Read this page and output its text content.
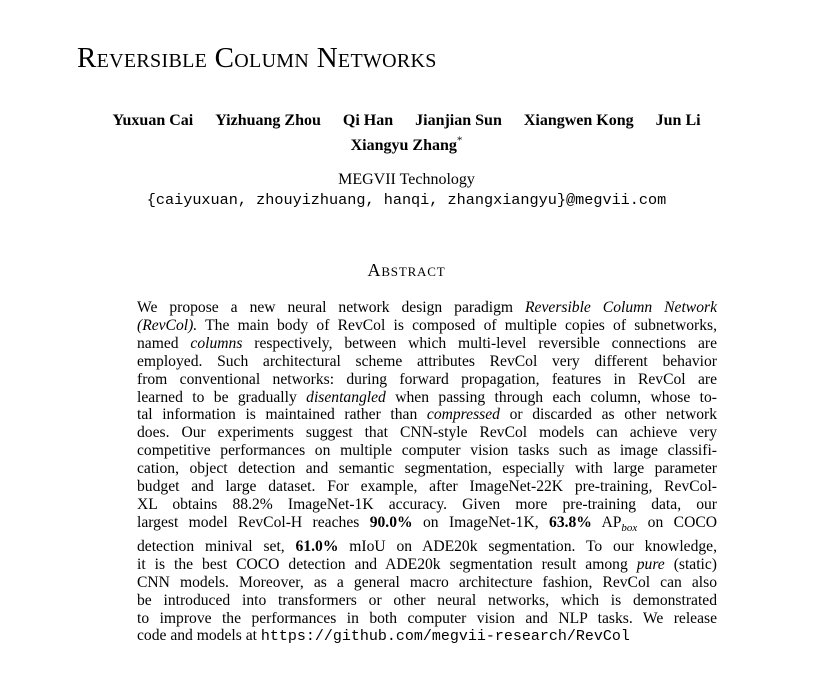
Reversible Column Networks
Yuxuan Cai Yizhuang Zhou Qi Han Jianjian Sun Xiangwen Kong Jun Li
Xiangyu Zhang*
MEGVII Technology
{caiyuxuan, zhouyizhuang, hanqi, zhangxiangyu}@megvii.com
Abstract
We propose a new neural network design paradigm Reversible Column Network
(RevCol). The main body of RevCol is composed of multiple copies of subnetworks,
named columns respectively, between which multi-level reversible connections are
employed. Such architectural scheme attributes RevCol very different behavior
from conventional networks: during forward propagation, features in RevCol are
learned to be gradually disentangled when passing through each column, whose to-
tal information is maintained rather than compressed or discarded as other network
does. Our experiments suggest that CNN-style RevCol models can achieve very
competitive performances on multiple computer vision tasks such as image classifi-
cation, object detection and semantic segmentation, especially with large parameter
budget and large dataset. For example, after ImageNet-22K pre-training, RevCol-
XL obtains 88.2% ImageNet-1K accuracy. Given more pre-training data, our
largest model RevCol-H reaches 90.0% on ImageNet-1K, 63.8% $AP_{box}$ on COCO
detection minival set, 61.0% mIoU on ADE20k segmentation. To our knowledge,
it is the best COCO detection and ADE20k segmentation result among pure (static)
CNN models. Moreover, as a general macro architecture fashion, RevCol can also
be introduced into transformers or other neural networks, which is demonstrated
to improve the performances in both computer vision and NLP tasks. We release
code and models at https://github.com/megvii-research/RevCol
